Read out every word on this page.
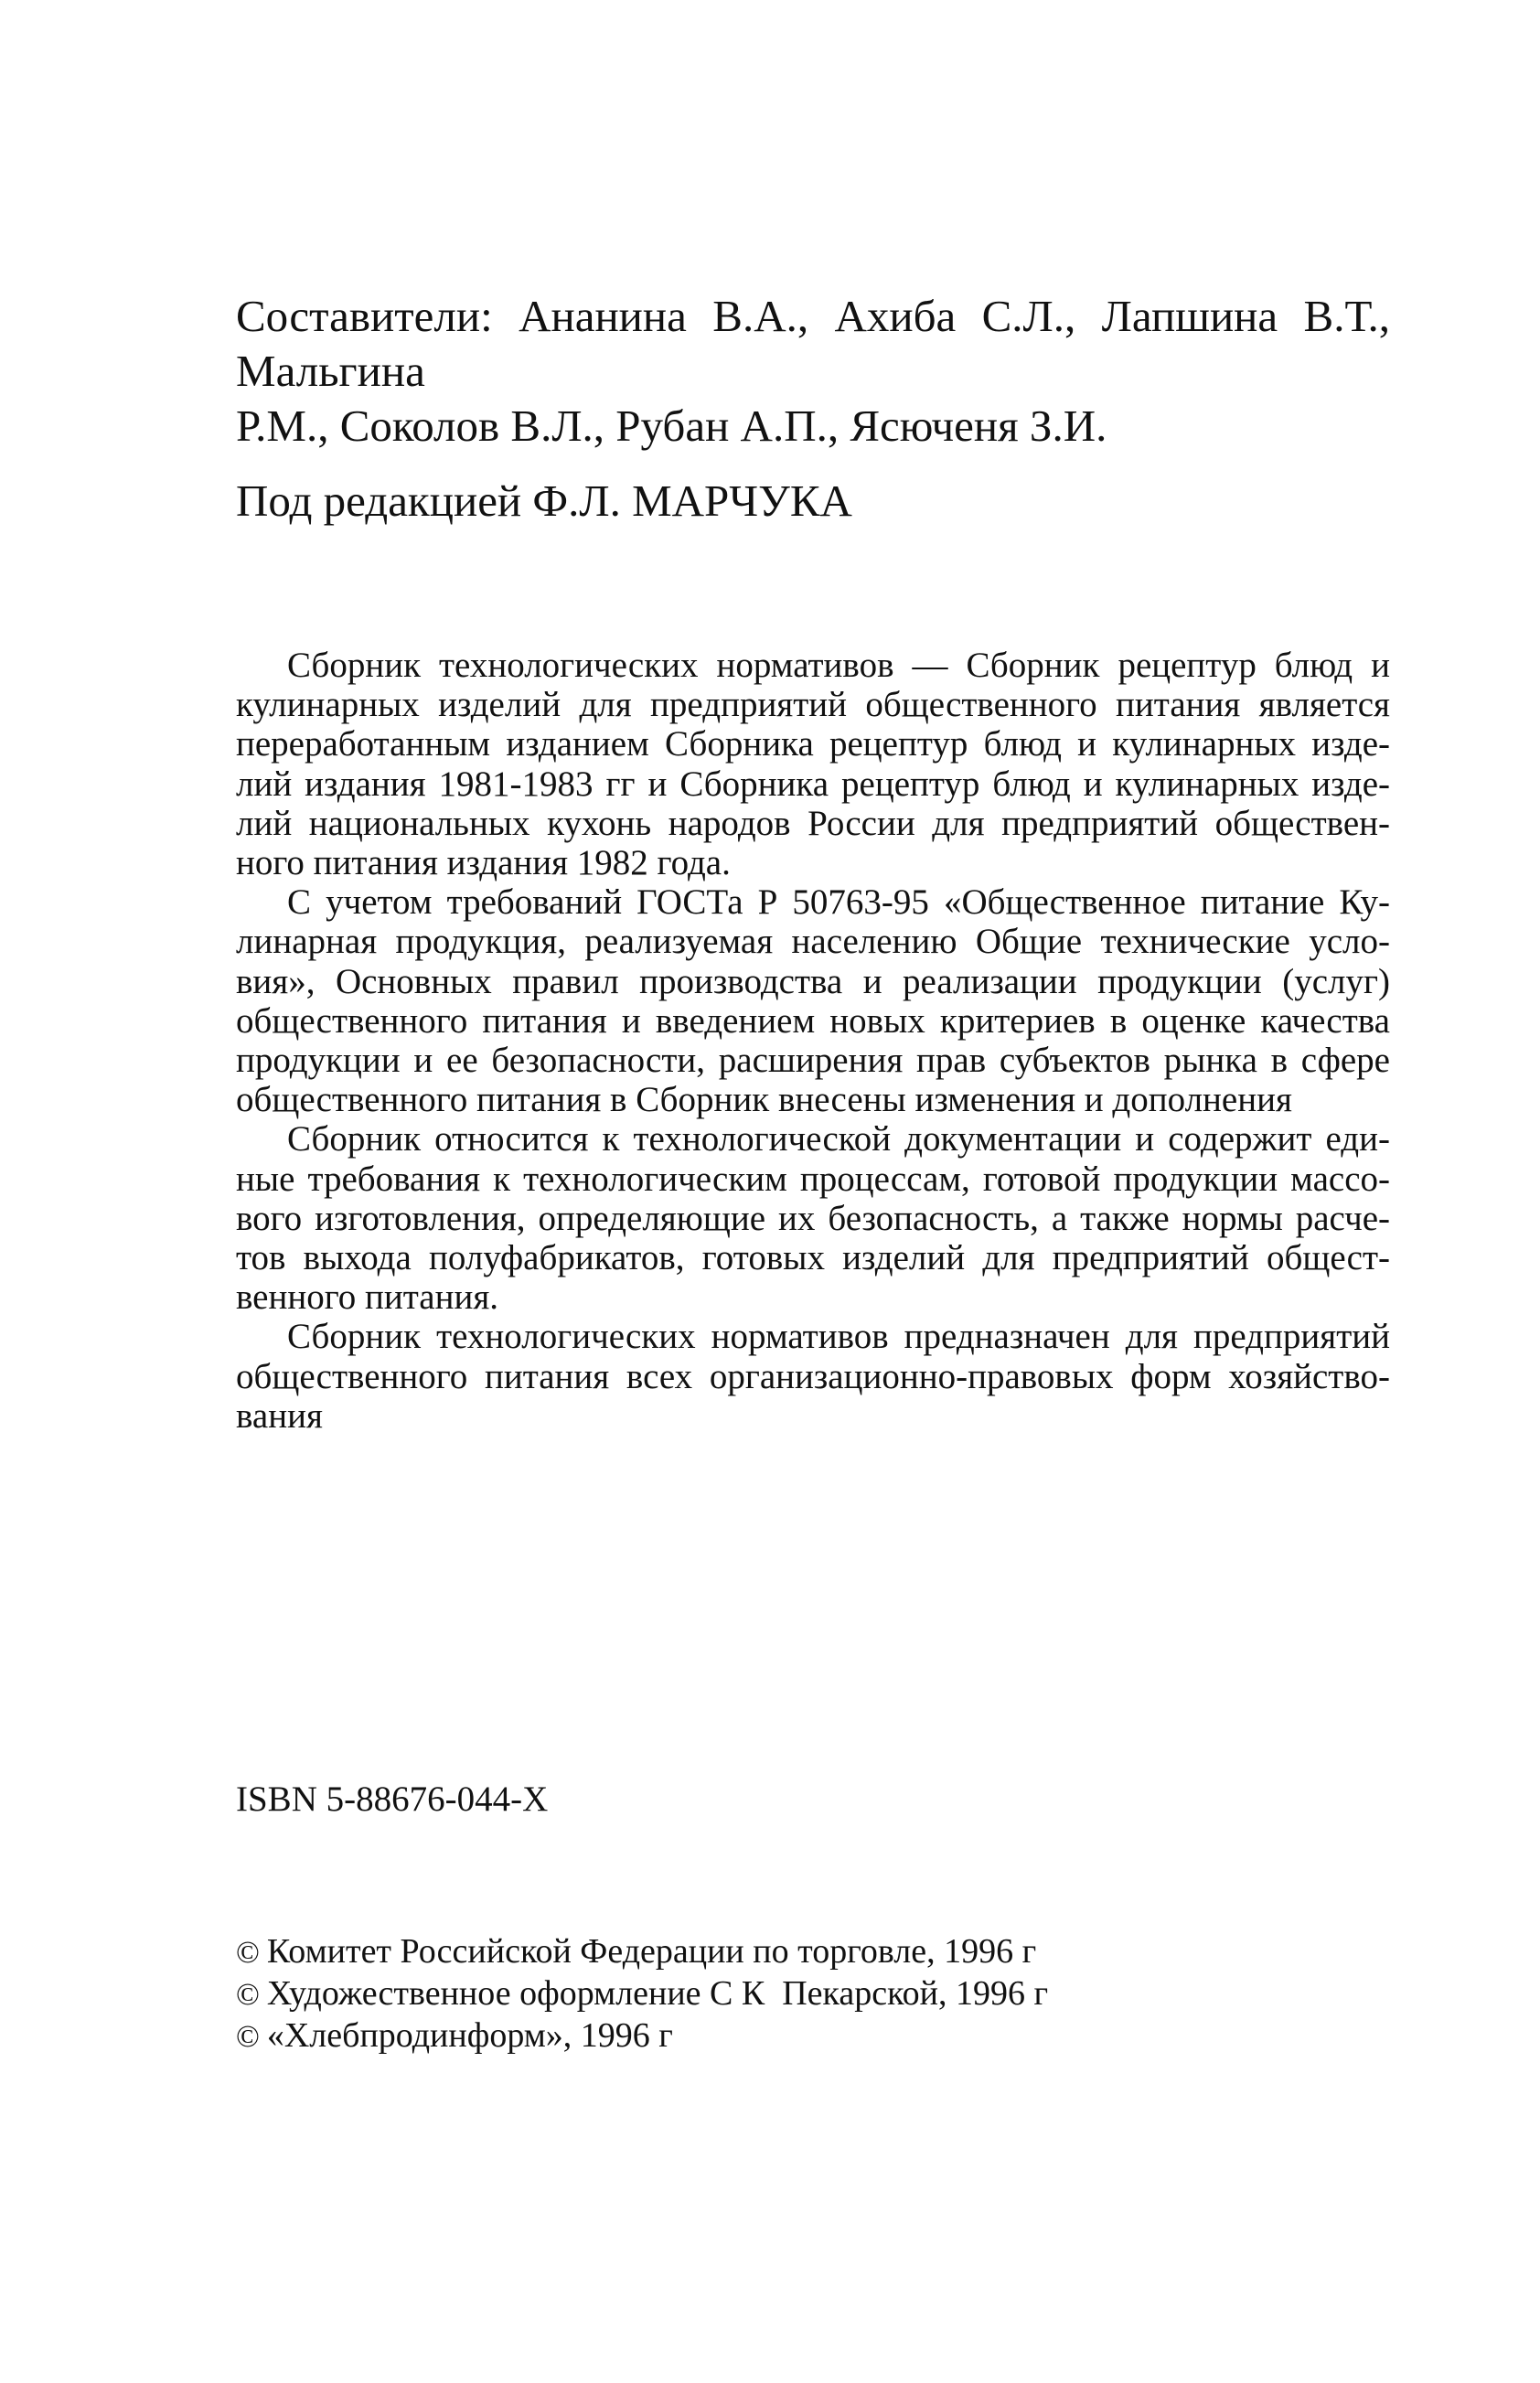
Составители: Ананина В.А., Ахиба С.Л., Лапшина В.Т., Мальгина
Р.М., Соколов В.Л., Рубан А.П., Ясюченя З.И.
Под редакцией Ф.Л. МАРЧУКА
Сборник технологических нормативов — Сборник рецептур блюд и
кулинарных изделий для предприятий общественного питания является
переработанным изданием Сборника рецептур блюд и кулинарных изде-
лий издания 1981-1983 гг и Сборника рецептур блюд и кулинарных изде-
лий национальных кухонь народов России для предприятий обществен-
ного питания издания 1982 года.
С учетом требований ГОСТа Р 50763-95 «Общественное питание Ку-
линарная продукция, реализуемая населению Общие технические усло-
вия», Основных правил производства и реализации продукции (услуг)
общественного питания и введением новых критериев в оценке качества
продукции и ее безопасности, расширения прав субъектов рынка в сфере
общественного питания в Сборник внесены изменения и дополнения
Сборник относится к технологической документации и содержит еди-
ные требования к технологическим процессам, готовой продукции массо-
вого изготовления, определяющие их безопасность, а также нормы расче-
тов выхода полуфабрикатов, готовых изделий для предприятий общест-
венного питания.
Сборник технологических нормативов предназначен для предприятий
общественного питания всех организационно-правовых форм хозяйство-
вания
ISBN 5-88676-044-X
© Комитет Российской Федерации по торговле, 1996 г
© Художественное оформление С К  Пекарской, 1996 г
© «Хлебпродинформ», 1996 г
